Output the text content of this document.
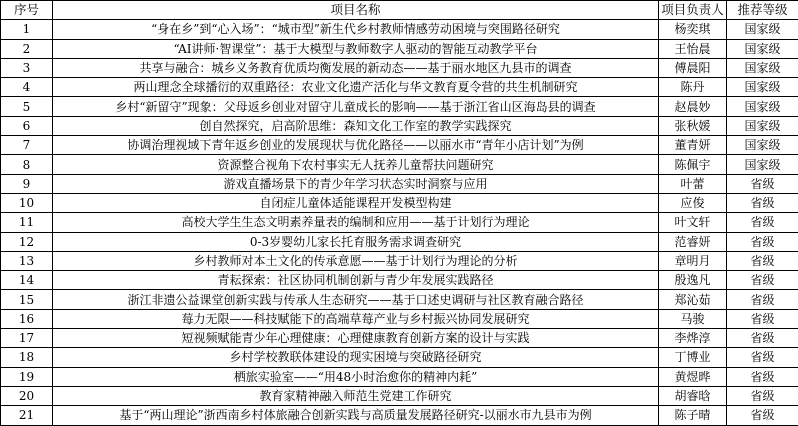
序号	项目名称	项目负责人	推荐等级
1	“身在乡”到“心入场”：“城市型”新生代乡村教师情感劳动困境与突围路径研究	杨奕琪	国家级
2	“AI讲师·智课堂”：基于大模型与教师数字人驱动的智能互动教学平台	王怡晨	国家级
3	共享与融合：城乡义务教育优质均衡发展的新动态——基于丽水地区九县市的调查	傅晨阳	国家级
4	两山理念全球播衍的双重路径：农业文化遗产活化与华文教育夏令营的共生机制研究	陈丹	国家级
5	乡村“新留守”现象：父母返乡创业对留守儿童成长的影响——基于浙江省山区海岛县的调查	赵晨妙	国家级
6	创自然探究，启高阶思维：森知文化工作室的教学实践探究	张秋媛	国家级
7	协调治理视域下青年返乡创业的发展现状与优化路径——以丽水市“青年小店计划”为例	董青妍	国家级
8	资源整合视角下农村事实无人抚养儿童帮扶问题研究	陈佩宇	国家级
9	游戏直播场景下的青少年学习状态实时洞察与应用	叶蕾	省级
10	自闭症儿童体适能课程开发模型构建	应俊	省级
11	高校大学生生态文明素养量表的编制和应用——基于计划行为理论	叶文轩	省级
12	0-3岁婴幼儿家长托育服务需求调查研究	范睿妍	省级
13	乡村教师对本土文化的传承意愿——基于计划行为理论的分析	章明月	省级
14	青耘探索：社区协同机制创新与青少年发展实践路径	殷逸凡	省级
15	浙江非遗公益课堂创新实践与传承人生态研究——基于口述史调研与社区教育融合路径	郑沁茹	省级
16	莓力无限——科技赋能下的高端草莓产业与乡村振兴协同发展研究	马骏	省级
17	短视频赋能青少年心理健康：心理健康教育创新方案的设计与实践	李烨淳	省级
18	乡村学校教联体建设的现实困境与突破路径研究	丁博业	省级
19	栖旅实验室——“用48小时治愈你的精神内耗”	黄煜晔	省级
20	教育家精神融入师范生党建工作研究	胡睿晗	省级
21	基于“两山理论”浙西南乡村体旅融合创新实践与高质量发展路径研究-以丽水市九县市为例	陈子晴	省级
